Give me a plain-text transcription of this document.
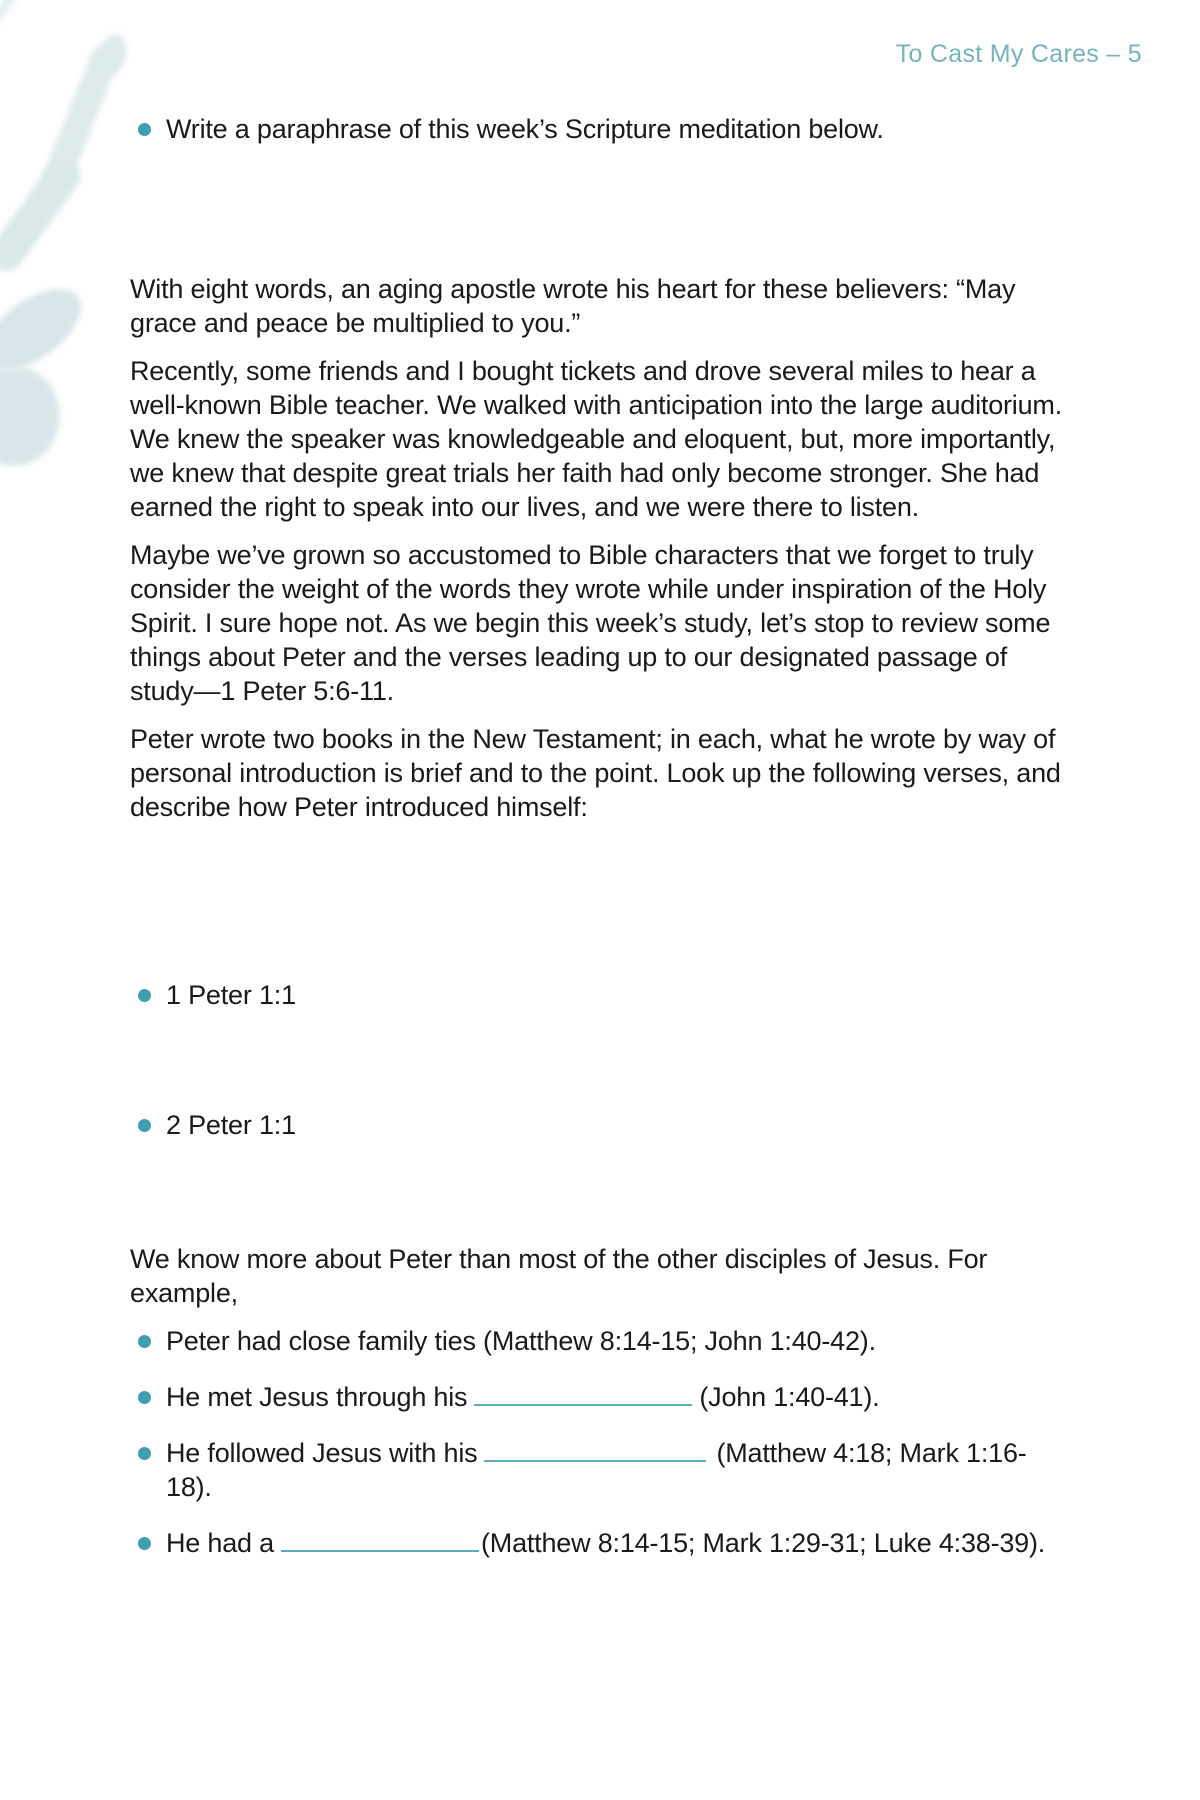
To Cast My Cares – 5
Write a paraphrase of this week’s Scripture meditation below.

With eight words, an aging apostle wrote his heart for these believers: “May grace and peace be multiplied to you.”

Recently, some friends and I bought tickets and drove several miles to hear a well-known Bible teacher. We walked with anticipation into the large auditorium. We knew the speaker was knowledgeable and eloquent, but, more importantly, we knew that despite great trials her faith had only become stronger. She had earned the right to speak into our lives, and we were there to listen.

Maybe we’ve grown so accustomed to Bible characters that we forget to truly consider the weight of the words they wrote while under inspiration of the Holy Spirit. I sure hope not. As we begin this week’s study, let’s stop to review some things about Peter and the verses leading up to our designated passage of study—1 Peter 5:6-11.

Peter wrote two books in the New Testament; in each, what he wrote by way of personal introduction is brief and to the point. Look up the following verses, and describe how Peter introduced himself:

1 Peter 1:1
2 Peter 1:1

We know more about Peter than most of the other disciples of Jesus. For example,

Peter had close family ties (Matthew 8:14-15; John 1:40-42).
He met Jesus through his	(John 1:40-41).
He followed Jesus with his	(Matthew 4:18; Mark 1:16-18).
He had a	(Matthew 8:14-15; Mark 1:29-31; Luke 4:38-39).
